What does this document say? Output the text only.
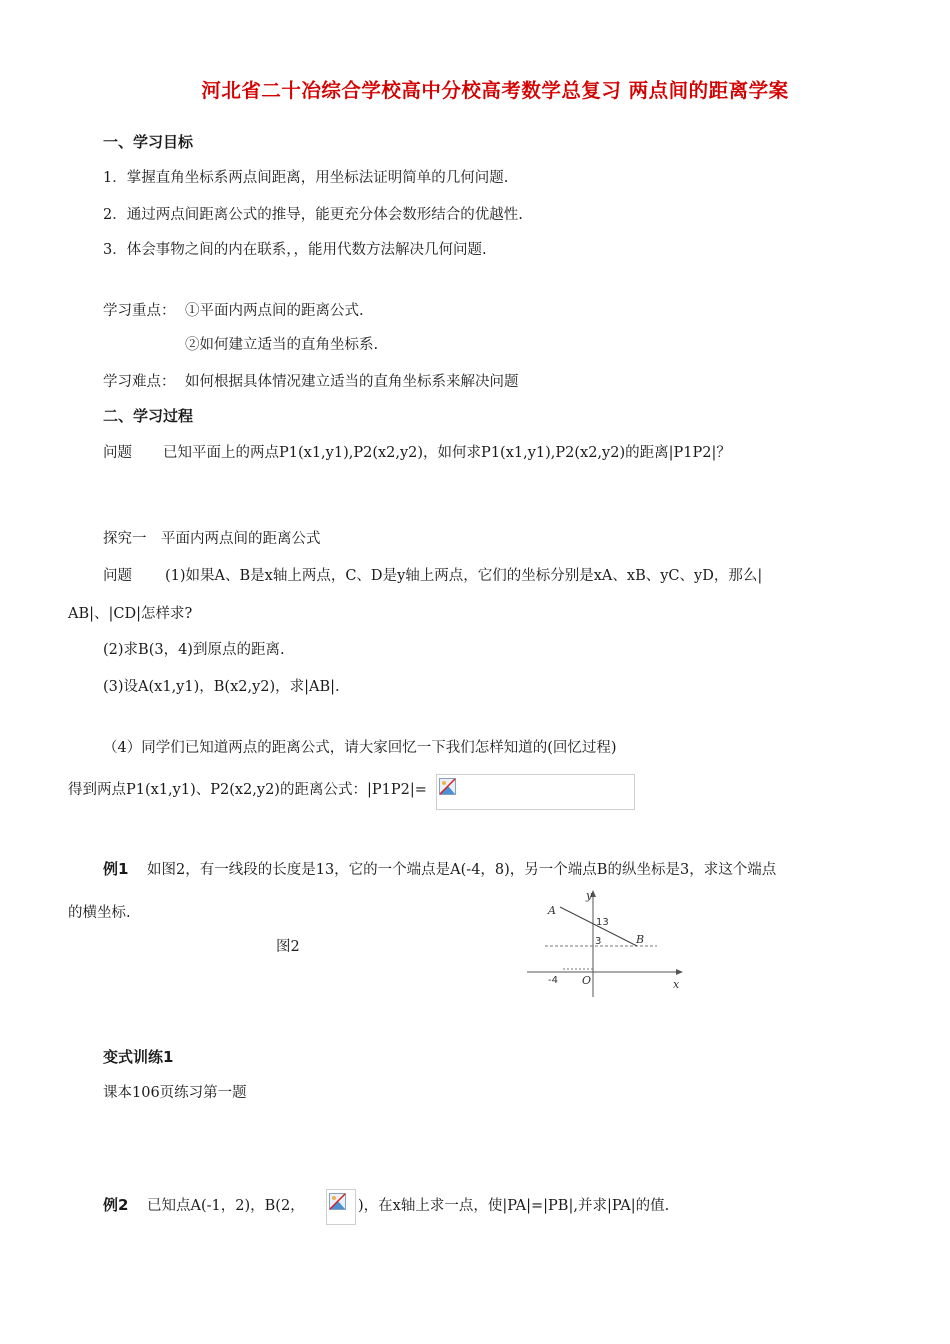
河北省二十冶综合学校高中分校高考数学总复习 两点间的距离学案
一、学习目标
1．掌握直角坐标系两点间距离，用坐标法证明简单的几何问题.
2．通过两点间距离公式的推导，能更充分体会数形结合的优越性.
3．体会事物之间的内在联系，，能用代数方法解决几何问题.
学习重点： ①平面内两点间的距离公式.
②如何建立适当的直角坐标系.
学习难点： 如何根据具体情况建立适当的直角坐标系来解决问题
二、学习过程
问题 已知平面上的两点P1(x1,y1),P2(x2,y2)，如何求P1(x1,y1),P2(x2,y2)的距离|P1P2|？
探究一　平面内两点间的距离公式
问题 (1)如果A、B是x轴上两点，C、D是y轴上两点，它们的坐标分别是xA、xB、yC、yD，那么|
AB|、|CD|怎样求?
(2)求B(3，4)到原点的距离.
(3)设A(x1,y1)，B(x2,y2)，求|AB|.
（4）同学们已知道两点的距离公式，请大家回忆一下我们怎样知道的(回忆过程)
得到两点P1(x1,y1)、P2(x2,y2)的距离公式：|P1P2|=
例1 如图2，有一线段的长度是13，它的一个端点是A(-4，8)，另一个端点B的纵坐标是3，求这个端点
的横坐标.
图2
y
x
A
B
O
13
3
-4
变式训练1
课本106页练习第一题
例2 已知点A(-1，2)，B(2，	)，在x轴上求一点，使|PA|=|PB|,并求|PA|的值.
